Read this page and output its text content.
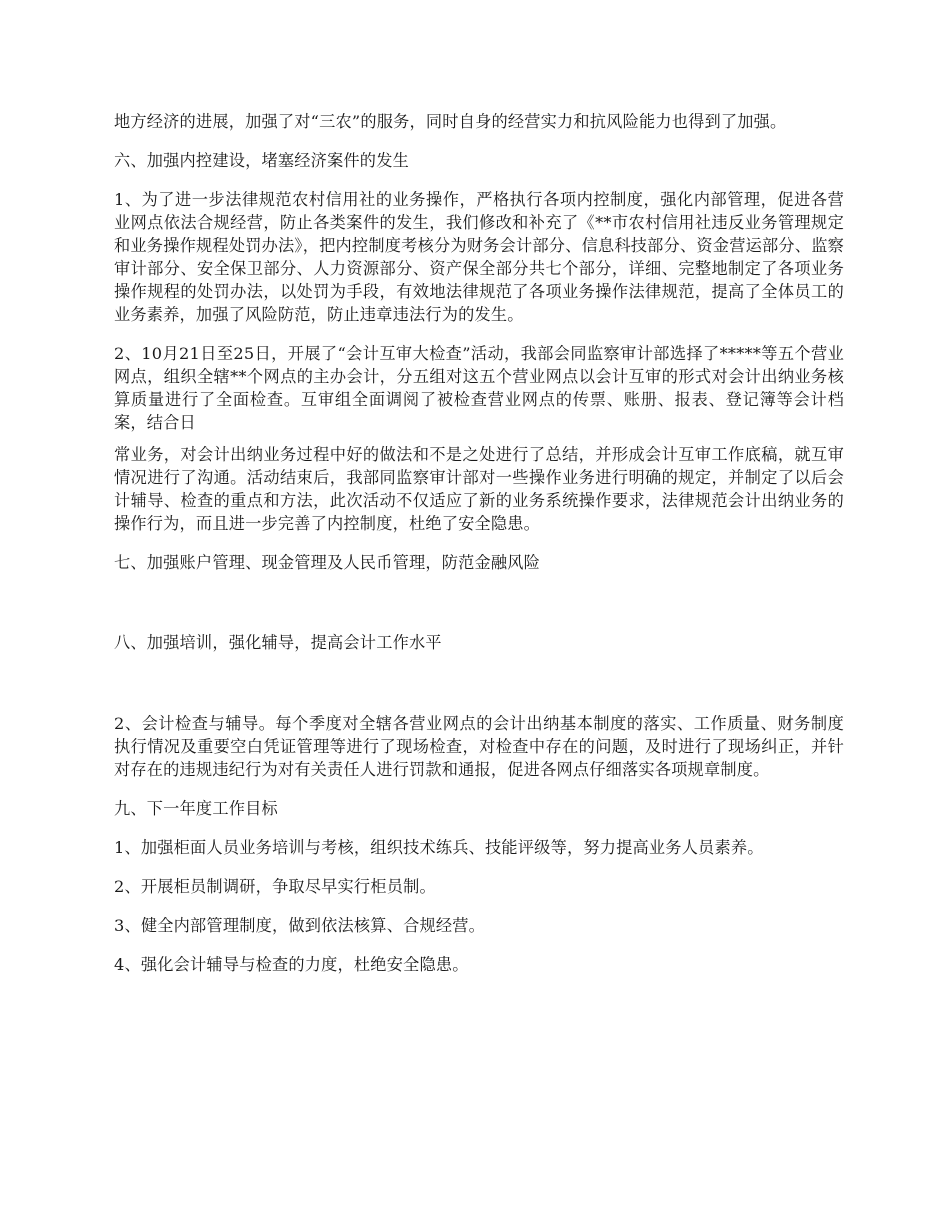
地方经济的进展，加强了对“三农”的服务，同时自身的经营实力和抗风险能力也得到了加强。

六、加强内控建设，堵塞经济案件的发生

1、为了进一步法律规范农村信用社的业务操作，严格执行各项内控制度，强化内部管理，促进各营业网点依法合规经营，防止各类案件的发生，我们修改和补充了《**市农村信用社违反业务管理规定和业务操作规程处罚办法》，把内控制度考核分为财务会计部分、信息科技部分、资金营运部分、监察审计部分、安全保卫部分、人力资源部分、资产保全部分共七个部分，详细、完整地制定了各项业务操作规程的处罚办法，以处罚为手段，有效地法律规范了各项业务操作法律规范，提高了全体员工的业务素养，加强了风险防范，防止违章违法行为的发生。

2、10月21日至25日，开展了“会计互审大检查”活动，我部会同监察审计部选择了*****等五个营业网点，组织全辖**个网点的主办会计，分五组对这五个营业网点以会计互审的形式对会计出纳业务核算质量进行了全面检查。互审组全面调阅了被检查营业网点的传票、账册、报表、登记簿等会计档案，结合日

常业务，对会计出纳业务过程中好的做法和不是之处进行了总结，并形成会计互审工作底稿，就互审情况进行了沟通。活动结束后，我部同监察审计部对一些操作业务进行明确的规定，并制定了以后会计辅导、检查的重点和方法，此次活动不仅适应了新的业务系统操作要求，法律规范会计出纳业务的操作行为，而且进一步完善了内控制度，杜绝了安全隐患。

七、加强账户管理、现金管理及人民币管理，防范金融风险

八、加强培训，强化辅导，提高会计工作水平

2、会计检查与辅导。每个季度对全辖各营业网点的会计出纳基本制度的落实、工作质量、财务制度执行情况及重要空白凭证管理等进行了现场检查，对检查中存在的问题，及时进行了现场纠正，并针对存在的违规违纪行为对有关责任人进行罚款和通报，促进各网点仔细落实各项规章制度。

九、下一年度工作目标

1、加强柜面人员业务培训与考核，组织技术练兵、技能评级等，努力提高业务人员素养。

2、开展柜员制调研，争取尽早实行柜员制。

3、健全内部管理制度，做到依法核算、合规经营。

4、强化会计辅导与检查的力度，杜绝安全隐患。
